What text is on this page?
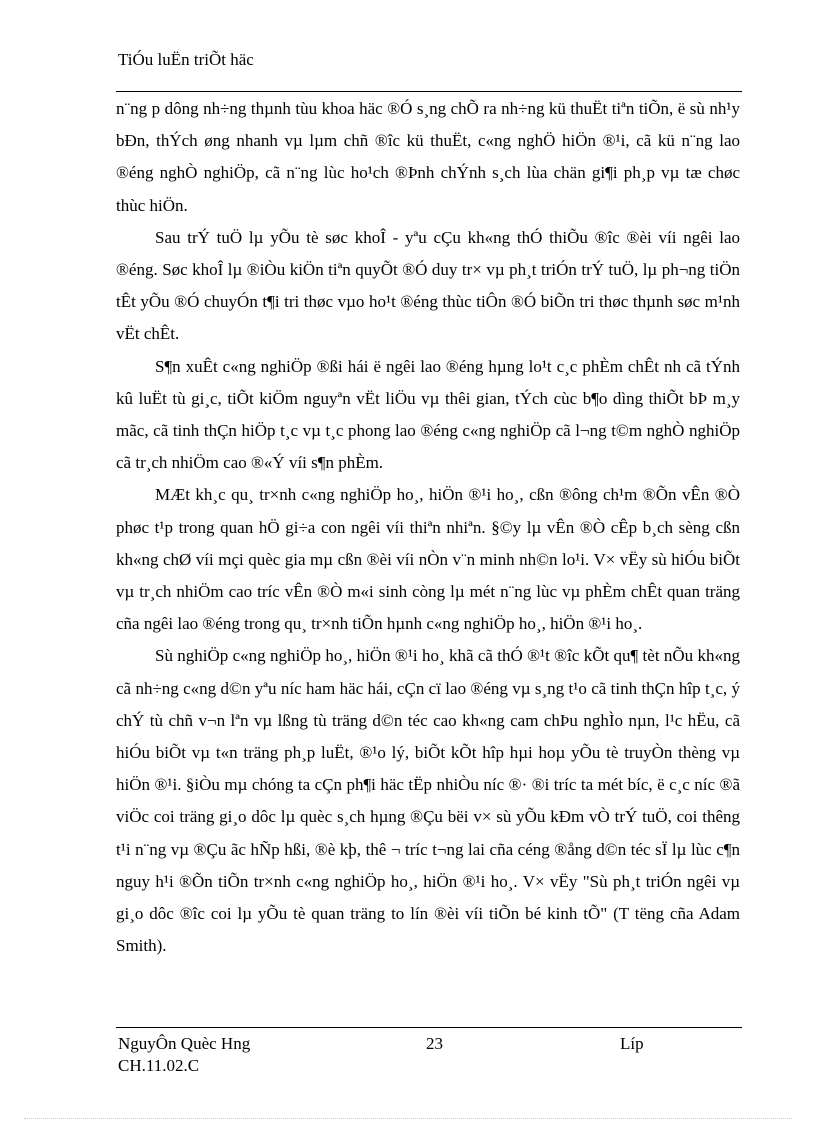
TiÓu luËn triÕt häc

n¨ng p dông nh÷ng thµnh tùu khoa häc ®Ó s¸ng chÕ ra nh÷ng kü thuËt tiªn tiÕn, ë sù nh¹y bÐn, thÝch øng nhanh vµ lµm chñ ®îc kü thuËt, c«ng nghÖ hiÖn ®¹i, cã kü n¨ng lao ®éng nghÒ nghiÖp, cã n¨ng lùc ho¹ch ®Þnh chÝnh s¸ch lùa chän gi¶i ph¸p vµ tæ chøc thùc hiÖn.

Sau trÝ tuÖ lµ yÕu tè søc khoÎ - yªu cÇu kh«ng thÓ thiÕu ®îc ®èi víi ngêi lao ®éng. Søc khoÎ lµ ®iÒu kiÖn tiªn quyÕt ®Ó duy tr× vµ ph¸t triÓn trÝ tuÖ, lµ ph¬ng tiÖn tÊt yÕu ®Ó chuyÓn t¶i tri thøc vµo ho¹t ®éng thùc tiÔn ®Ó biÕn tri thøc thµnh søc m¹nh vËt chÊt.

S¶n xuÊt c«ng nghiÖp ®ßi hái ë ngêi lao ®éng hµng lo¹t c¸c phÈm chÊt nh cã tÝnh kû luËt tù gi¸c, tiÕt kiÖm nguyªn vËt liÖu vµ thêi gian, tÝch cùc b¶o dìng thiÕt bÞ m¸y mãc, cã tinh thÇn hiÖp t¸c vµ t¸c phong lao ®éng c«ng nghiÖp cã l¬ng t©m nghÒ nghiÖp cã tr¸ch nhiÖm cao ®«Ý víi s¶n phÈm.

MÆt kh¸c qu¸ tr×nh c«ng nghiÖp ho¸, hiÖn ®¹i ho¸, cßn ®ông ch¹m ®Õn vÊn ®Ò phøc t¹p trong quan hÖ gi÷a con ngêi víi thiªn nhiªn. §©y lµ vÊn ®Ò cÊp b¸ch sèng cßn kh«ng chØ víi mçi quèc gia mµ cßn ®èi víi nÒn v¨n minh nh©n lo¹i. V× vËy sù hiÓu biÕt vµ tr¸ch nhiÖm cao tríc vÊn ®Ò m«i sinh còng lµ mét n¨ng lùc vµ phÈm chÊt quan träng cña ngêi lao ®éng trong qu¸ tr×nh tiÕn hµnh c«ng nghiÖp ho¸, hiÖn ®¹i ho¸.

Sù nghiÖp c«ng nghiÖp ho¸, hiÖn ®¹i ho¸ khã cã thÓ ®¹t ®îc kÕt qu¶ tèt nÕu kh«ng cã nh÷ng c«ng d©n yªu níc ham häc hái, cÇn cï lao ®éng vµ s¸ng t¹o cã tinh thÇn hîp t¸c, ý chÝ tù chñ v¬n lªn vµ lßng tù träng d©n téc cao kh«ng cam chÞu nghÌo nµn, l¹c hËu, cã hiÓu biÕt vµ t«n träng ph¸p luËt, ®¹o lý, biÕt kÕt hîp hµi hoµ yÕu tè truyÒn thèng vµ hiÖn ®¹i. §iÒu mµ chóng ta cÇn ph¶i häc tËp nhiÒu níc ®· ®i tríc ta mét bíc, ë c¸c níc ®ã viÖc coi träng gi¸o dôc lµ quèc s¸ch hµng ®Çu bëi v× sù yÕu kÐm vÒ trÝ tuÖ, coi thêng t¹i n¨ng vµ ®Çu ãc hÑp hßi, ®è kþ, thê ¬ tríc t¬ng lai cña céng ®ång d©n téc sÏ lµ lùc c¶n nguy h¹i ®Õn tiÕn tr×nh c«ng nghiÖp ho¸, hiÖn ®¹i ho¸. V× vËy "Sù ph¸t triÓn ngêi vµ gi¸o dôc ®îc coi lµ yÕu tè quan träng to lín ®èi víi tiÕn bé kinh tÕ" (T tëng cña Adam Smith).

NguyÔn Quèc Hng
CH.11.02.C
23	Líp
